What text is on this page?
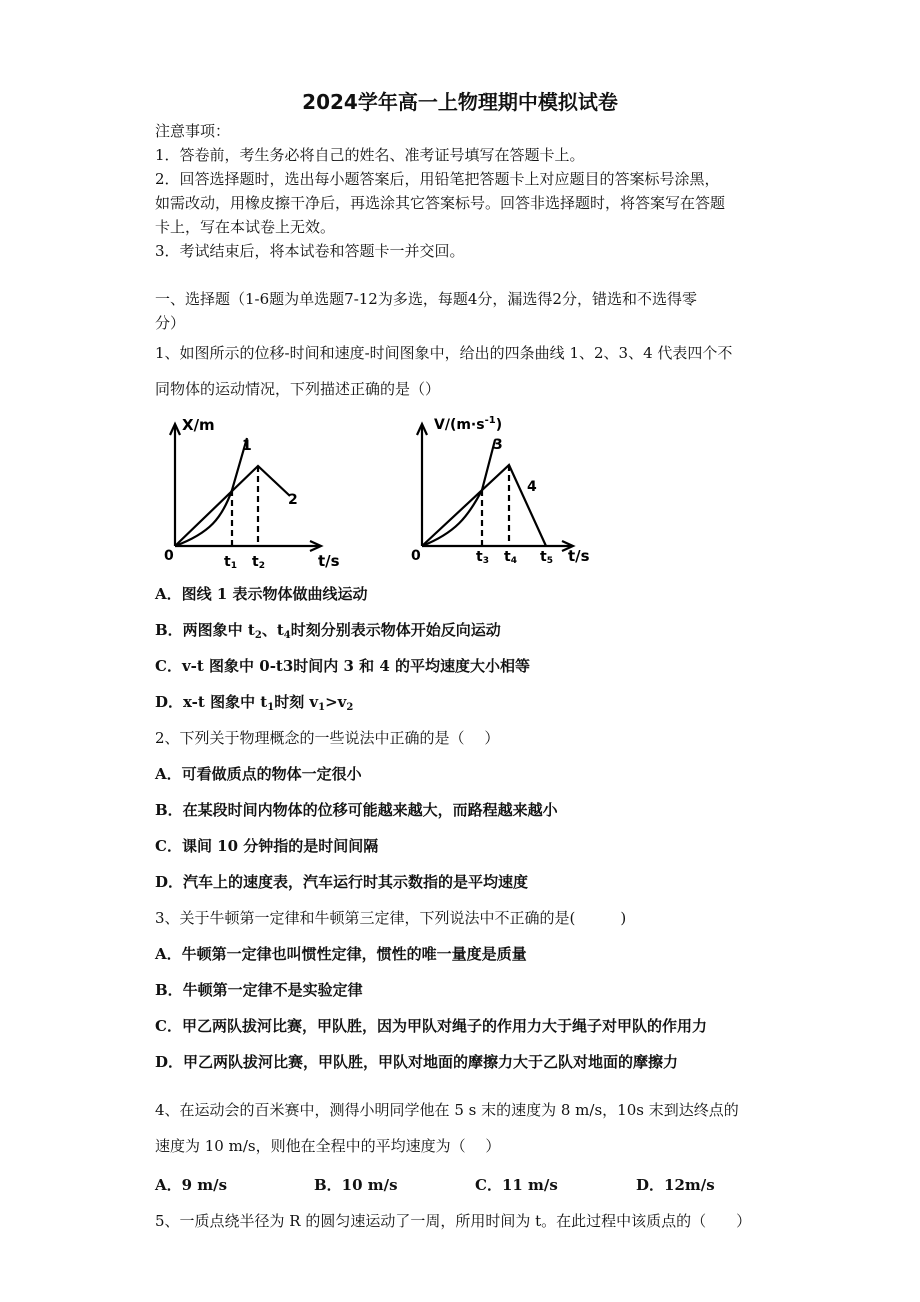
2024学年高一上物理期中模拟试卷
注意事项：
1．答卷前，考生务必将自己的姓名、准考证号填写在答题卡上。
2．回答选择题时，选出每小题答案后，用铅笔把答题卡上对应题目的答案标号涂黑，
如需改动，用橡皮擦干净后，再选涂其它答案标号。回答非选择题时，将答案写在答题
卡上，写在本试卷上无效。
3．考试结束后，将本试卷和答题卡一并交回。
一、选择题（1-6题为单选题7-12为多选，每题4分，漏选得2分，错选和不选得零
分）
1、如图所示的位移-时间和速度-时间图象中，给出的四条曲线 1、2、3、4 代表四个不
同物体的运动情况，下列描述正确的是（）
X/m
t/s
0
1
2
t1 t2
$V/(m\cdot s^{-1})$
t/s
0
3
4
t3 t4 t5
A．图线 1 表示物体做曲线运动
B．两图象中 $t_2$、$t_4$时刻分别表示物体开始反向运动
C．v-t 图象中 0-t3时间内 3 和 4 的平均速度大小相等
D．x-t 图象中 $t_1$时刻 $v_1>v_2$
2、下列关于物理概念的一些说法中正确的是（　 ）
A．可看做质点的物体一定很小
B．在某段时间内物体的位移可能越来越大，而路程越来越小
C．课间 10 分钟指的是时间间隔
D．汽车上的速度表，汽车运行时其示数指的是平均速度
3、关于牛顿第一定律和牛顿第三定律，下列说法中不正确的是(　　　)
A．牛顿第一定律也叫惯性定律，惯性的唯一量度是质量
B．牛顿第一定律不是实验定律
C．甲乙两队拔河比赛，甲队胜，因为甲队对绳子的作用力大于绳子对甲队的作用力
D．甲乙两队拔河比赛，甲队胜，甲队对地面的摩擦力大于乙队对地面的摩擦力
4、在运动会的百米赛中，测得小明同学他在 5 s 末的速度为 8 m/s，10s 末到达终点的
速度为 10 m/s，则他在全程中的平均速度为（　 ）
A．9 m/s	B．10 m/s	C．11 m/s	D．12m/s
5、一质点绕半径为 R 的圆匀速运动了一周，所用时间为 t。在此过程中该质点的（　　）
